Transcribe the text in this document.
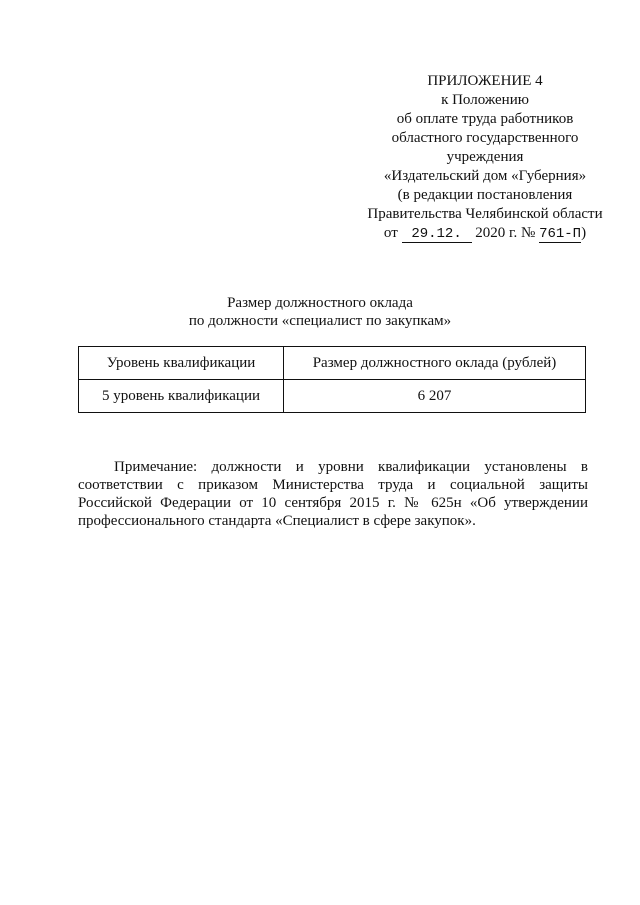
ПРИЛОЖЕНИЕ 4
к Положению
об оплате труда работников
областного государственного
учреждения
«Издательский дом «Губерния»
(в редакции постановления
Правительства Челябинской области
от 29.12. 2020 г. № 761-П)
Размер должностного оклада
по должности «специалист по закупкам»
Уровень квалификации	Размер должностного оклада (рублей)
5 уровень квалификации	6 207

Примечание: должности и уровни квалификации установлены в соответствии с приказом Министерства труда и социальной защиты Российской Федерации от 10 сентября 2015 г. № 625н «Об утверждении профессионального стандарта «Специалист в сфере закупок».
